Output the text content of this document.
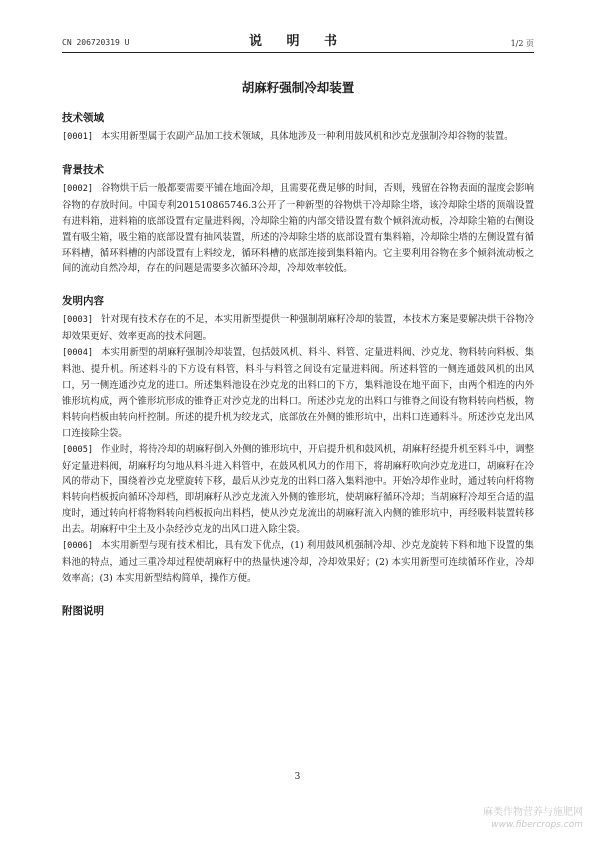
CN 206720319 U	说 明 书	1/2 页
胡麻籽强制冷却装置
技术领域

[0001] 本实用新型属于农副产品加工技术领域，具体地涉及一种利用鼓风机和沙克龙强制冷却谷物的装置。

背景技术

[0002] 谷物烘干后一般都要需要平铺在地面冷却，且需要花费足够的时间，否则，残留在谷物表面的湿度会影响谷物的存放时间。中国专利201510865746.3公开了一种新型的谷物烘干冷却除尘塔，该冷却除尘塔的顶端设置有进料箱，进料箱的底部设置有定量进料阀，冷却除尘箱的内部交错设置有数个倾斜流动板，冷却除尘箱的右侧设置有吸尘箱，吸尘箱的底部设置有抽风装置，所述的冷却除尘塔的底部设置有集料箱，冷却除尘塔的左侧设置有循环料槽，循环料槽的内部设置有上料绞龙，循环料槽的底部连接到集料箱内。它主要利用谷物在多个倾斜流动板之间的流动自然冷却，存在的问题是需要多次循环冷却，冷却效率较低。

发明内容

[0003] 针对现有技术存在的不足，本实用新型提供一种强制胡麻籽冷却的装置，本技术方案是要解决烘干谷物冷却效果更好、效率更高的技术问题。

[0004] 本实用新型的胡麻籽强制冷却装置，包括鼓风机、料斗、料管、定量进料阀、沙克龙、物料转向料板、集料池、提升机。所述料斗的下方设有料管，料斗与料管之间设有定量进料阀。所述料管的一侧连通鼓风机的出风口，另一侧连通沙克龙的进口。所述集料池设在沙克龙的出料口的下方，集料池设在地平面下，由两个相连的内外锥形坑构成，两个锥形坑形成的锥脊正对沙克龙的出料口。所述沙克龙的出料口与锥脊之间设有物料转向档板，物料转向档板由转向杆控制。所述的提升机为绞龙式，底部放在外侧的锥形坑中，出料口连通料斗。所述沙克龙出风口连接除尘袋。

[0005] 作业时，将待冷却的胡麻籽倒入外侧的锥形坑中，开启提升机和鼓风机，胡麻籽经提升机至料斗中，调整好定量进料阀，胡麻籽均匀地从料斗进入料管中，在鼓风机风力的作用下，将胡麻籽吹向沙克龙进口，胡麻籽在冷风的带动下，围绕着沙克龙壁旋转下移，最后从沙克龙的出料口落入集料池中。开始冷却作业时，通过转向杆将物料转向档板扳向循环冷却档，即胡麻籽从沙克龙流入外侧的锥形坑，使胡麻籽循环冷却；当胡麻籽冷却至合适的温度时，通过转向杆将物料转向档板扳向出料档，使从沙克龙流出的胡麻籽流入内侧的锥形坑中，再经吸料装置转移出去。胡麻籽中尘土及小杂经沙克龙的出风口进入除尘袋。

[0006] 本实用新型与现有技术相比，具有发下优点，(1) 利用鼓风机强制冷却、沙克龙旋转下料和地下设置的集料池的特点，通过三重冷却过程使胡麻籽中的热量快速冷却，冷却效果好；(2) 本实用新型可连续循环作业，冷却效率高；(3) 本实用新型结构简单，操作方便。

附图说明
3
麻类作物营养与施肥网
www.fibercrops.com
